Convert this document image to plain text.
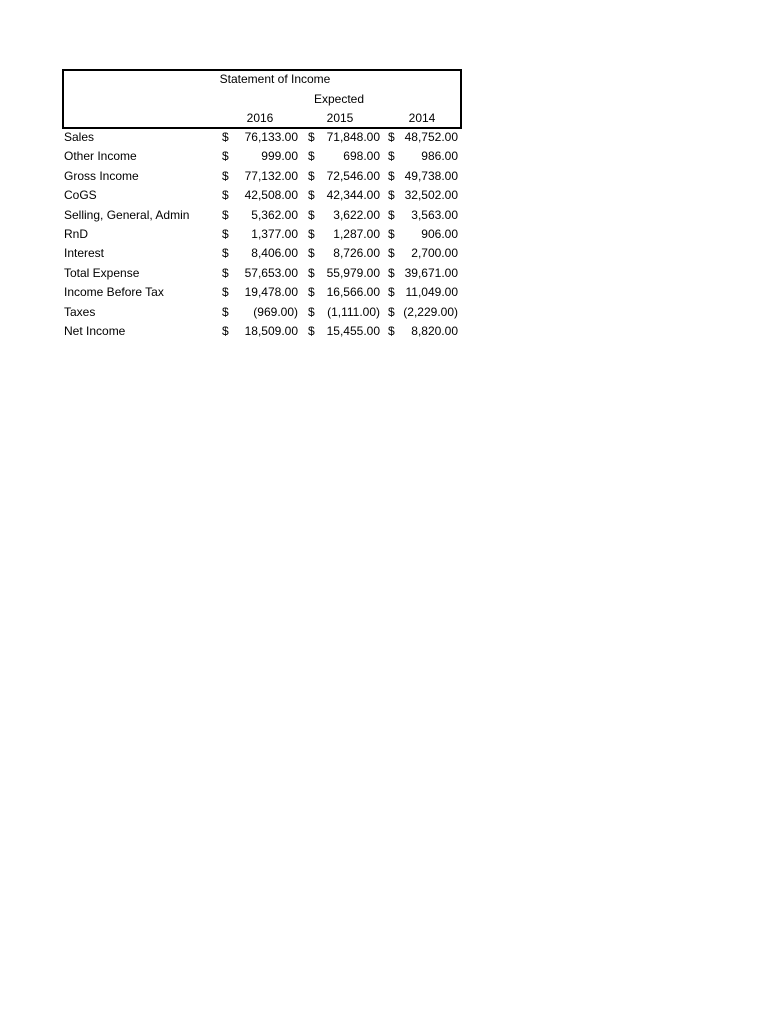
Statement of Income
Expected
2016	2015	2014
Sales	$	76,133.00 $ 71,848.00 $ 48,752.00
Other Income	$	999.00 $	698.00 $	986.00
Gross Income	$	77,132.00 $ 72,546.00 $ 49,738.00
CoGS	$	42,508.00 $ 42,344.00 $ 32,502.00
Selling, General, Admin	$	5,362.00 $	3,622.00 $	3,563.00
RnD	$	1,377.00 $	1,287.00 $	906.00
Interest	$	8,406.00 $	8,726.00 $	2,700.00
Total Expense	$	57,653.00 $ 55,979.00 $ 39,671.00
Income Before Tax	$	19,478.00 $ 16,566.00 $ 11,049.00
Taxes	$	(969.00) $	(1,111.00) $ (2,229.00)
Net Income	$	18,509.00 $ 15,455.00 $	8,820.00
